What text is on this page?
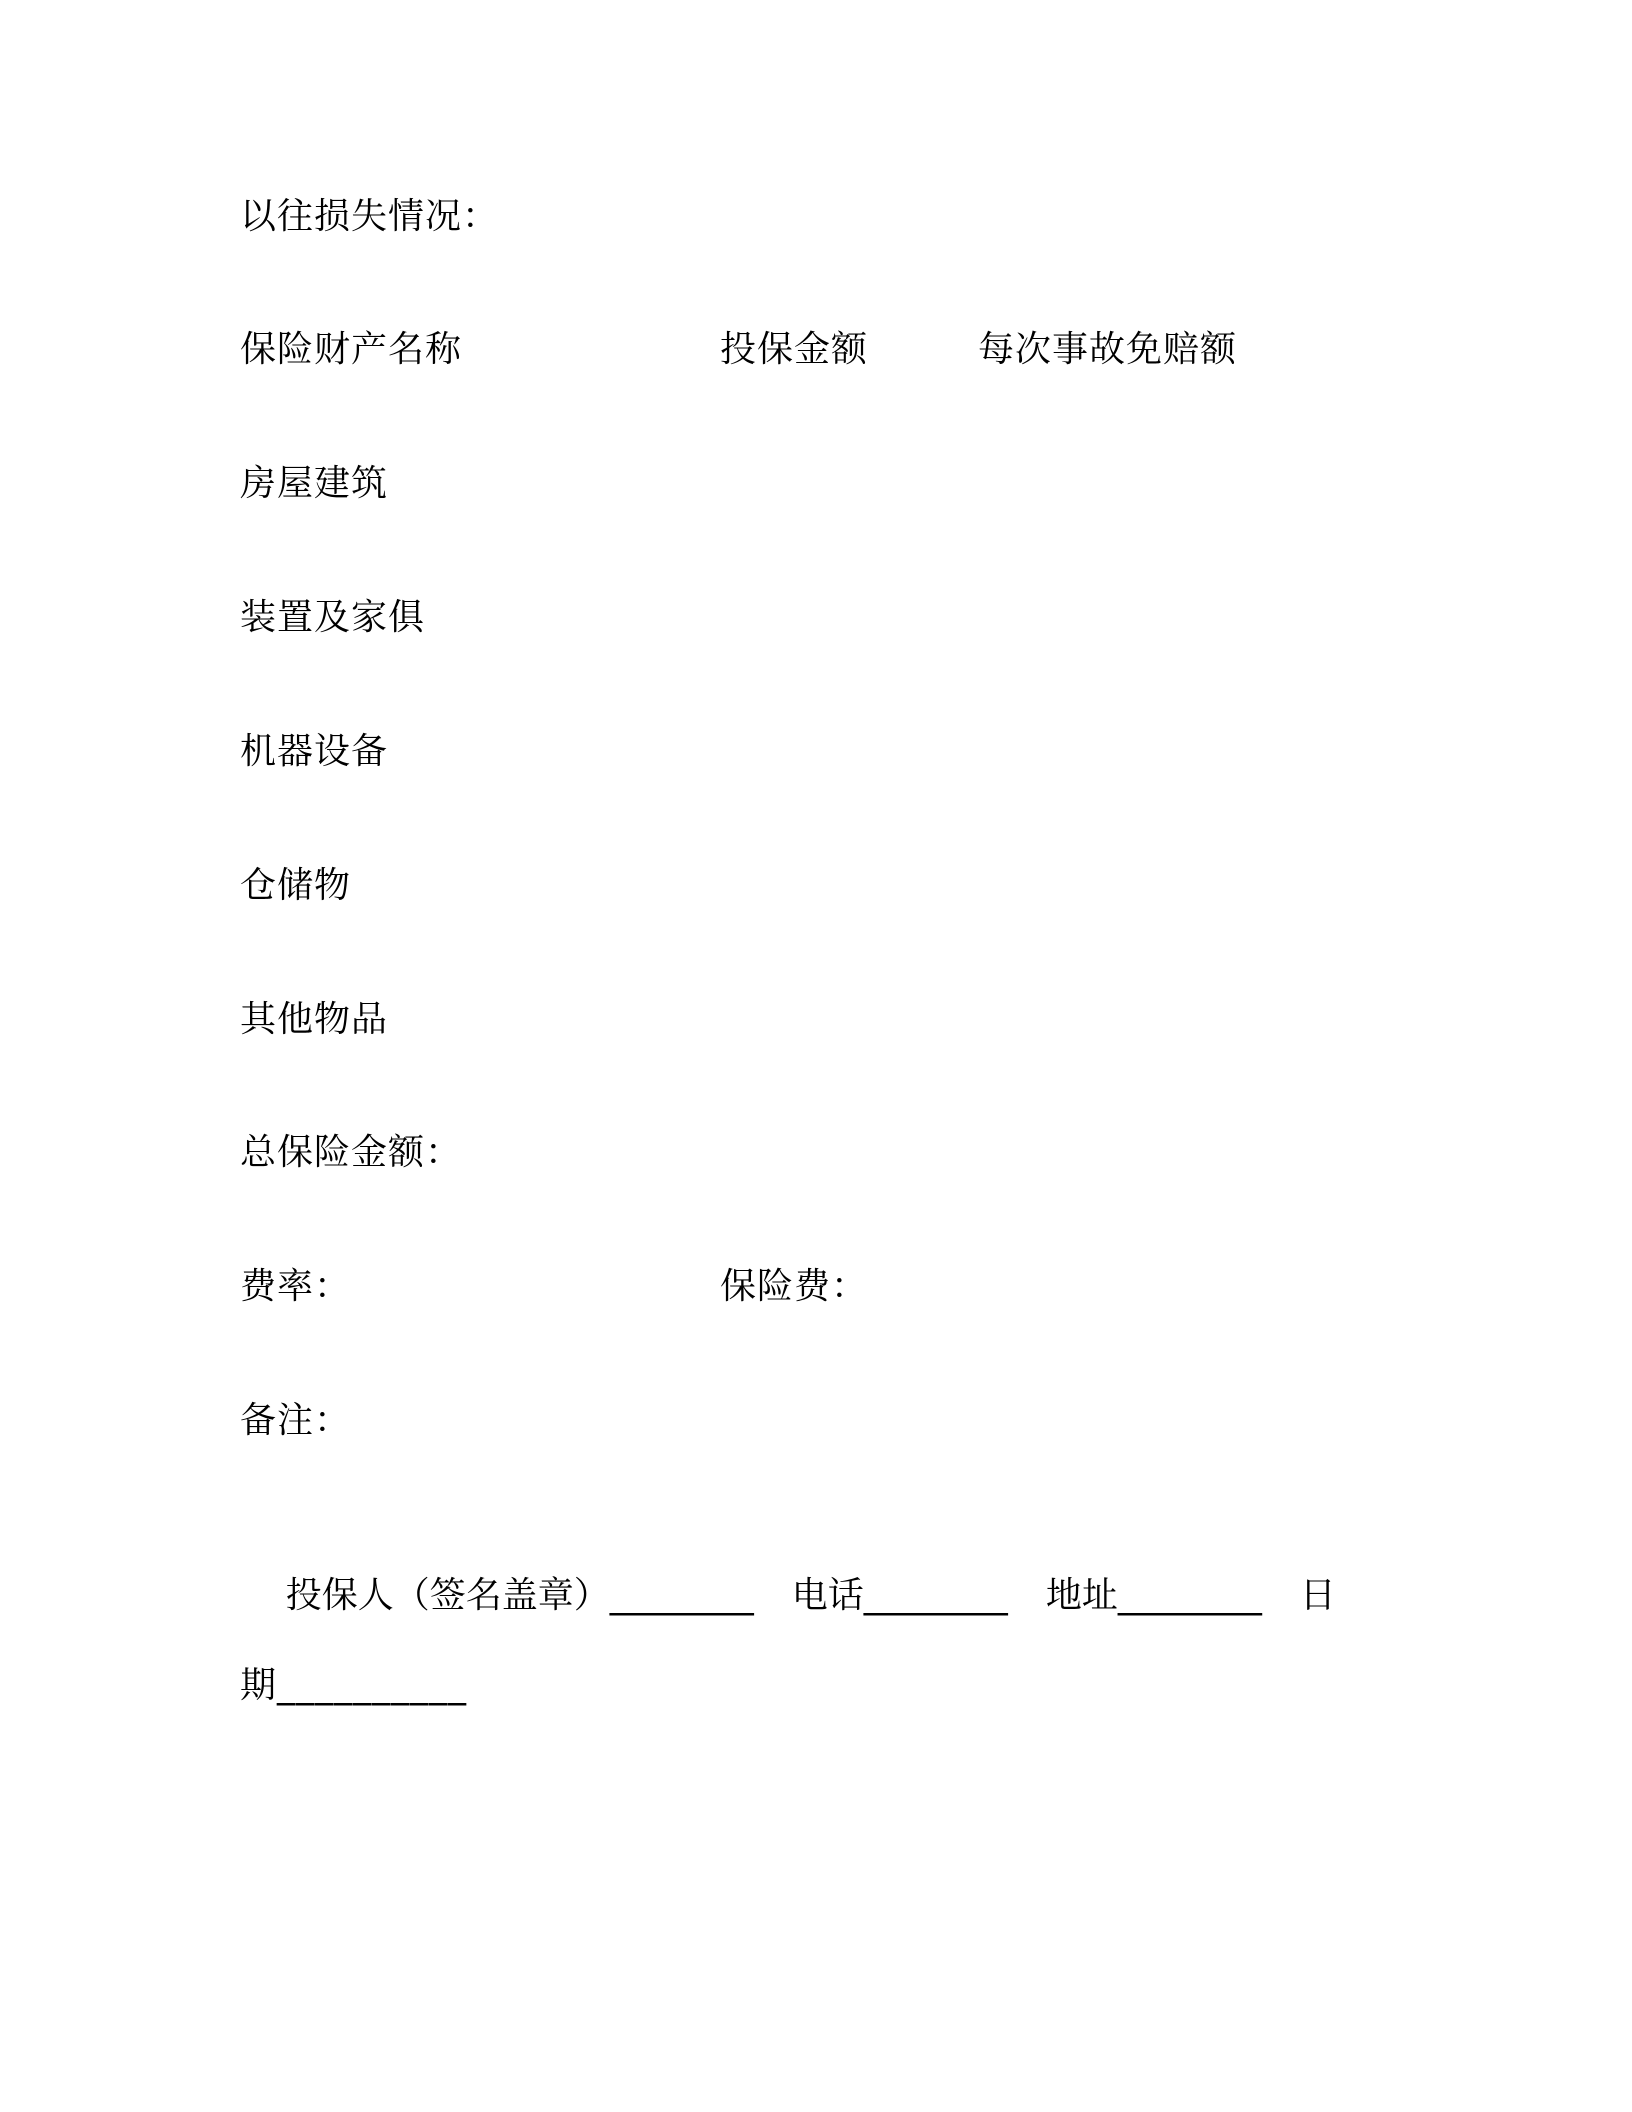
以往损失情况：
保险财产名称	投保金额	每次事故免赔额
房屋建筑
装置及家俱
机器设备
仓储物
其他物品
总保险金额：
费率：	保险费：
备注：

投保人（签名盖章）________ 电话________ 地址________ 日

期__________
